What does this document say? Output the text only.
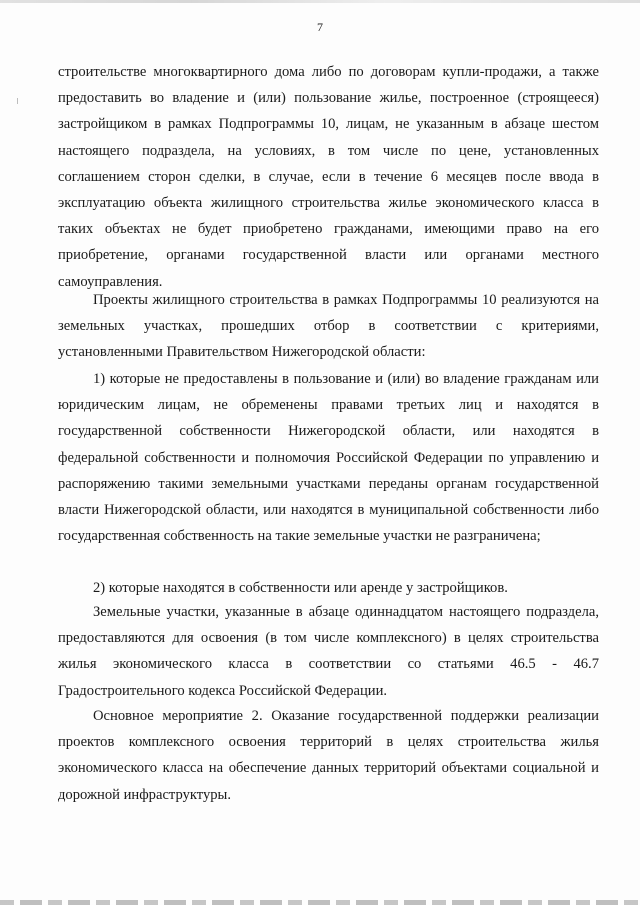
7

строительстве многоквартирного дома либо по договорам купли-продажи, а также предоставить во владение и (или) пользование жилье, построенное (строящееся) застройщиком в рамках Подпрограммы 10, лицам, не указанным в абзаце шестом настоящего подраздела, на условиях, в том числе по цене, установленных соглашением сторон сделки, в случае, если в течение 6 месяцев после ввода в эксплуатацию объекта жилищного строительства жилье экономического класса в таких объектах не будет приобретено гражданами, имеющими право на его приобретение, органами государственной власти или органами местного самоуправления.

Проекты жилищного строительства в рамках Подпрограммы 10 реализуются на земельных участках, прошедших отбор в соответствии с критериями, установленными Правительством Нижегородской области:

1) которые не предоставлены в пользование и (или) во владение гражданам или юридическим лицам, не обременены правами третьих лиц и находятся в государственной собственности Нижегородской области, или находятся в федеральной собственности и полномочия Российской Федерации по управлению и распоряжению такими земельными участками переданы органам государственной власти Нижегородской области, или находятся в муниципальной собственности либо государственная собственность на такие земельные участки не разграничена;

2) которые находятся в собственности или аренде у застройщиков.

Земельные участки, указанные в абзаце одиннадцатом настоящего подраздела, предоставляются для освоения (в том числе комплексного) в целях строительства жилья экономического класса в соответствии со статьями 46.5 - 46.7 Градостроительного кодекса Российской Федерации.

Основное мероприятие 2. Оказание государственной поддержки реализации проектов комплексного освоения территорий в целях строительства жилья экономического класса на обеспечение данных территорий объектами социальной и дорожной инфраструктуры.
